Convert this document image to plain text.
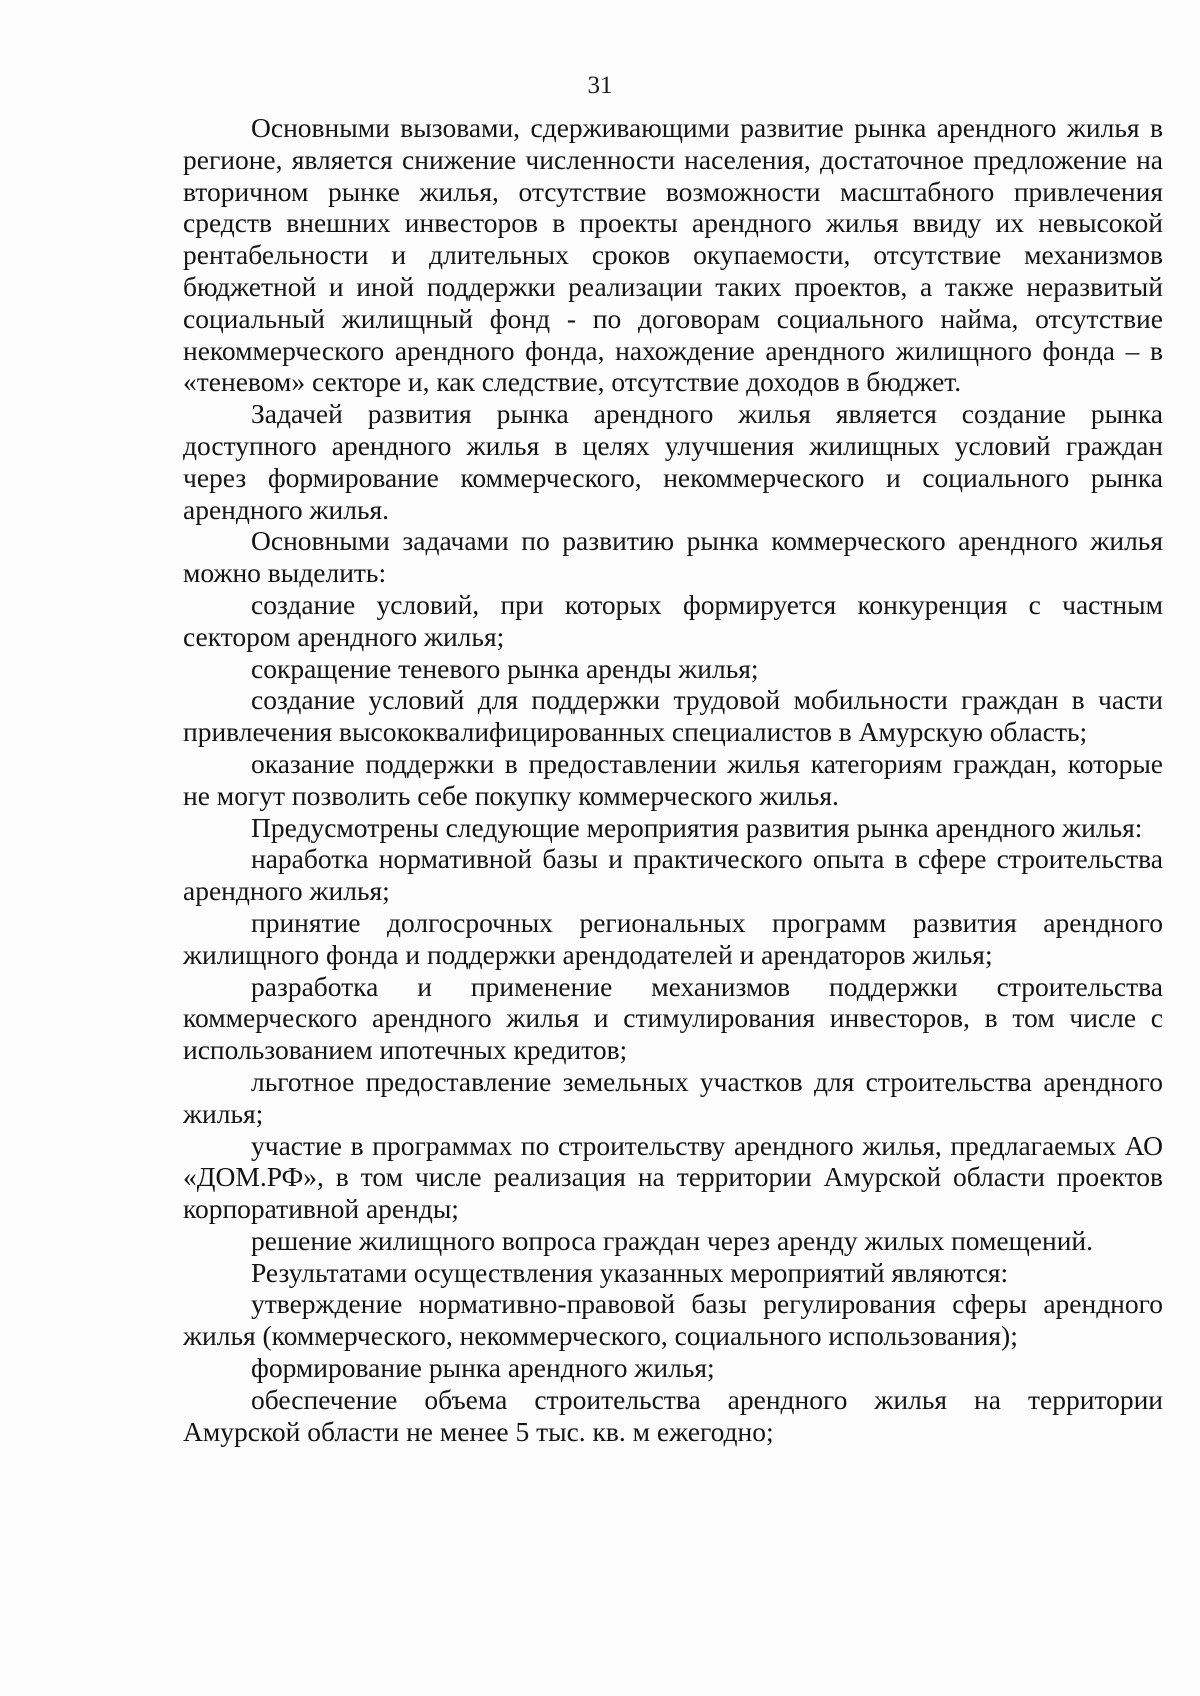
31

Основными вызовами, сдерживающими развитие рынка арендного жилья в регионе, является снижение численности населения, достаточное предложение на вторичном рынке жилья, отсутствие возможности масштабного привлечения средств внешних инвесторов в проекты арендного жилья ввиду их невысокой рентабельности и длительных сроков окупаемости, отсутствие механизмов бюджетной и иной поддержки реализации таких проектов, а также неразвитый социальный жилищный фонд - по договорам социального найма, отсутствие некоммерческого арендного фонда, нахождение арендного жилищного фонда – в «теневом» секторе и, как следствие, отсутствие доходов в бюджет.

Задачей развития рынка арендного жилья является создание рынка доступного арендного жилья в целях улучшения жилищных условий граждан через формирование коммерческого, некоммерческого и социального рынка арендного жилья.

Основными задачами по развитию рынка коммерческого арендного жилья можно выделить:

создание условий, при которых формируется конкуренция с частным сектором арендного жилья;

сокращение теневого рынка аренды жилья;

создание условий для поддержки трудовой мобильности граждан в части привлечения высококвалифицированных специалистов в Амурскую область;

оказание поддержки в предоставлении жилья категориям граждан, которые не могут позволить себе покупку коммерческого жилья.

Предусмотрены следующие мероприятия развития рынка арендного жилья:

наработка нормативной базы и практического опыта в сфере строительства арендного жилья;

принятие долгосрочных региональных программ развития арендного жилищного фонда и поддержки арендодателей и арендаторов жилья;

разработка и применение механизмов поддержки строительства коммерческого арендного жилья и стимулирования инвесторов, в том числе с использованием ипотечных кредитов;

льготное предоставление земельных участков для строительства арендного жилья;

участие в программах по строительству арендного жилья, предлагаемых АО «ДОМ.РФ», в том числе реализация на территории Амурской области проектов корпоративной аренды;

решение жилищного вопроса граждан через аренду жилых помещений.

Результатами осуществления указанных мероприятий являются:

утверждение нормативно-правовой базы регулирования сферы арендного жилья (коммерческого, некоммерческого, социального использования);

формирование рынка арендного жилья;

обеспечение объема строительства арендного жилья на территории Амурской области не менее 5 тыс. кв. м ежегодно;
